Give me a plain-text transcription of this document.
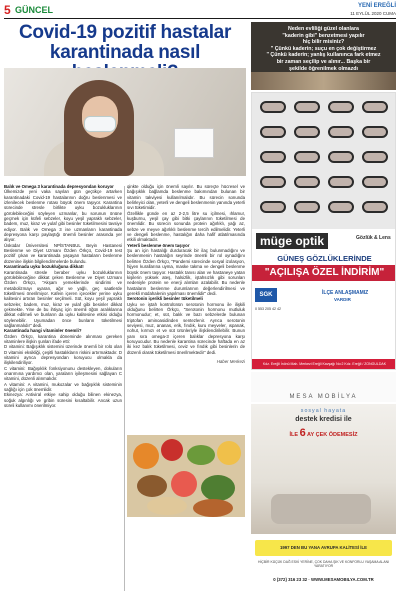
5 GÜNCEL	YENİ EREĞLİ
11 EYLÜL 2020 CUMA
Covid-19 pozitif hastalar
karantinada nasıl

Balık ve Omega 3 karantinada depresyondan koruyor

Ülkemizde yeni vaka sayıları gün geçtikçe artarken karantinadaki Covid-19 hastalarının doğru beslenmesi ve izlenilecek beslenme rotası büyük önem taşıyor. Karantina sürecinde stresle birlikte uyku bozukluklarının görülebileceğini söyleyen uzmanlar, bu sorunun önüne geçmek için küfeli sebzeler, koyu yeşil yapraklı sebzeler, badem, muz, kiraz ve yulaf gibi besinler tüketilmesini tavsiye ediyor. Balık ve Omega 3 ise uzmanların karantinada depresyona karşı paylaştığı önemli besinler arasında yer alıyor.

Üsküdar Üniversitesi NPİSTANBUL Beyin Hastanesi Beslenme ve Diyet Uzmanı Özden Örkçü, Covid-19 test pozitif çıkan ve karantinada yaşayan hastaların beslenme düzenine ilişkin bilgilendirmelerde bulundu.

Karantinada uyku bozukluğuna dikkat!

Karantinada stresle beraber uyku bozukluklarının görülebileceğine dikkat çeken Beslenme ve Diyet Uzmanı Özden Örkçü, "Akşam yemeklerinde sindirimi ve metabolizmayı uyaran, ağır ve yağlı, geç saatlerde tüketilmesi önerilmiyor. Kafein içeren içecekler yerine uyku kalitesini artıran besinler seçilmeli. Süt, koyu yeşil yapraklı sebzeler, badem, muz, kiraz ve yulaf gibi besinler dikkat çekmekte. Yine de bu ihtiyaç için önemli öğün aralıklarına dikkat edilmeli ve bunların da uyku kalitesine etkisi olduğu söylenebilir. Uyumadan önce bunların tüketilmesi sağlanmalıdır" dedi.

Karantinada hangi vitaminler önemli?

Özden Örkçü, karantina döneminde alınması gereken vitaminlere ilişkin şunları ifade etti:

D vitamini: Bağışıklık sistemini üzerinde önemli bir rolü olan D vitamini eksikliği, çeşitli hastalıkların riskini artırmaktadır. D vitamini ayrıca depresyondan koruyucu olmakla da ilişkilendiriliyor.

C vitamini: Bağışıklık fonksiyonunu destekleyen, dokuların onarımına yardımcı olan, yaraların iyileşmesini sağlayan C vitamini, düzenli alınmalıdır.

A vitamini: A vitamini, mukozalar ve bağışıklık sisteminin sağlığı için çok önemlidir.

Ekinezya: Antiviral etkiye sahip olduğu bilinen ekinezya, soğuk algınlığı ve gribin süresini kısaltabilir. Ancak uzun süreli kullanımı önerilmiyor.

qinkte olduğu için önemli sayılır. Bu süreçte hücresel ve bağışıklık bağlamda beslenme bakımından bulunan bir vitamin takviyesi kullanılmalıdır. Bu sürecin sonunda belirleyici olan, yeterli ve dengeli beslenmenin yanında yeterli sıvı tüketimidir.

Özellikle günde en az 2-2,5 litre su içilmesi, ıhlamur, kuşburnu, yeşil çay gibi bitki çaylarının tüketilmesi de önemlidir. Bu sürecin sonunda protein ağırlıklı, yağı az, sebze ve meyve ağırlıklı beslenme tercih edilmelidir. Yeterli ve dengeli beslenme, hastalığın daha hafif atlatılmasında etkili olmaktadır.

Yeterli beslenme önem taşıyor

Şu an için hastalığı durduracak bir ilaç bulunmadığını ve beslenmenin hastalığın seyrinde önemli bir rol oynadığını belirten Özden Örkçü, "Pandemi sürecinde sosyal izolasyon, hijyen kurallarına uyma, maske takma ve dengeli beslenme büyük önem taşıyor. Hastalık tanısı alan ve hastaneye yatan kişilerin yüksek ateş, halsizlik, iştahsızlık gibi sorunları nedeniyle protein ve enerji alımları azalabilir. Bu nedenle hastaların beslenme durumlarının değerlendirilmesi ve gerekli müdahalenin yapılması önemlidir" dedi.

Serotonin içerikli besinler tüketilmeli

Uyku ve iştah kontrolünün serotonin hormonu ile ilişkili olduğunu belirten Örkçü, "Serotonin hormonu mutluluk hormonudur; et, süt, balık ve bazı sebzelerde bulunan triptofan aminoasidinden sentezlenir. Ayrıca serotonin seviyesi, muz, ananas, erik, fındık, kuru meyveler, ıspanak, nohut, kırmızı et ve süt ürünleriyle ilişkilendirilebilir. Bunun yanı sıra omega-3 içeren balıklar depresyona karşı koruyucudur. Bu nedenle karantina sürecinde haftada en az iki kez balık tüketilmesi, ceviz ve fındık gibi besinlerin de düzenli olarak tüketilmesi önerilmektedir" dedi.

Haber Merkezi
Neden evliliği güzel olanlara
"kaderin gibi" benzetmesi yapılır
hiç bilir misiniz?
" Çünkü kaderin; suçu en çok değiştirmez
" Çünkü kaderin; yanlış kullanınca fark etmez
bir zaman seçilip ve alınır... Başka bir
şekilde öğrenilmek olmazdı
müge optik	Gözlük & Lens
GÜNEŞ GÖZLÜKLERİNDE
"AÇILIŞA ÖZEL İNDİRİM"
SGK	İLÇE ANLAŞMAMIZ
VARDIR
0 553 205 42 42
Kdz. Ereğli İnönü Mah. Merkezi Ereğli Kavşağı No:2 Kdz. Ereğli / ZONGULDAK
MESA MOBİLYA
sosyal hayata
destek kredisi ile
İLE 6 AY ÇEK ÖDEMESİZ
1997 DEN BU YANA AVRUPA KALİTESİ İLE
HİÇBİR KÜÇÜK DAĞ ESKİ YERİNE, ÇOK DAHA ŞIK VE KONFORLU YAŞAMA ALANI YARATIYOR
0 (372) 316 23 32 · WWW.MESAMOBILYA.COM.TR
